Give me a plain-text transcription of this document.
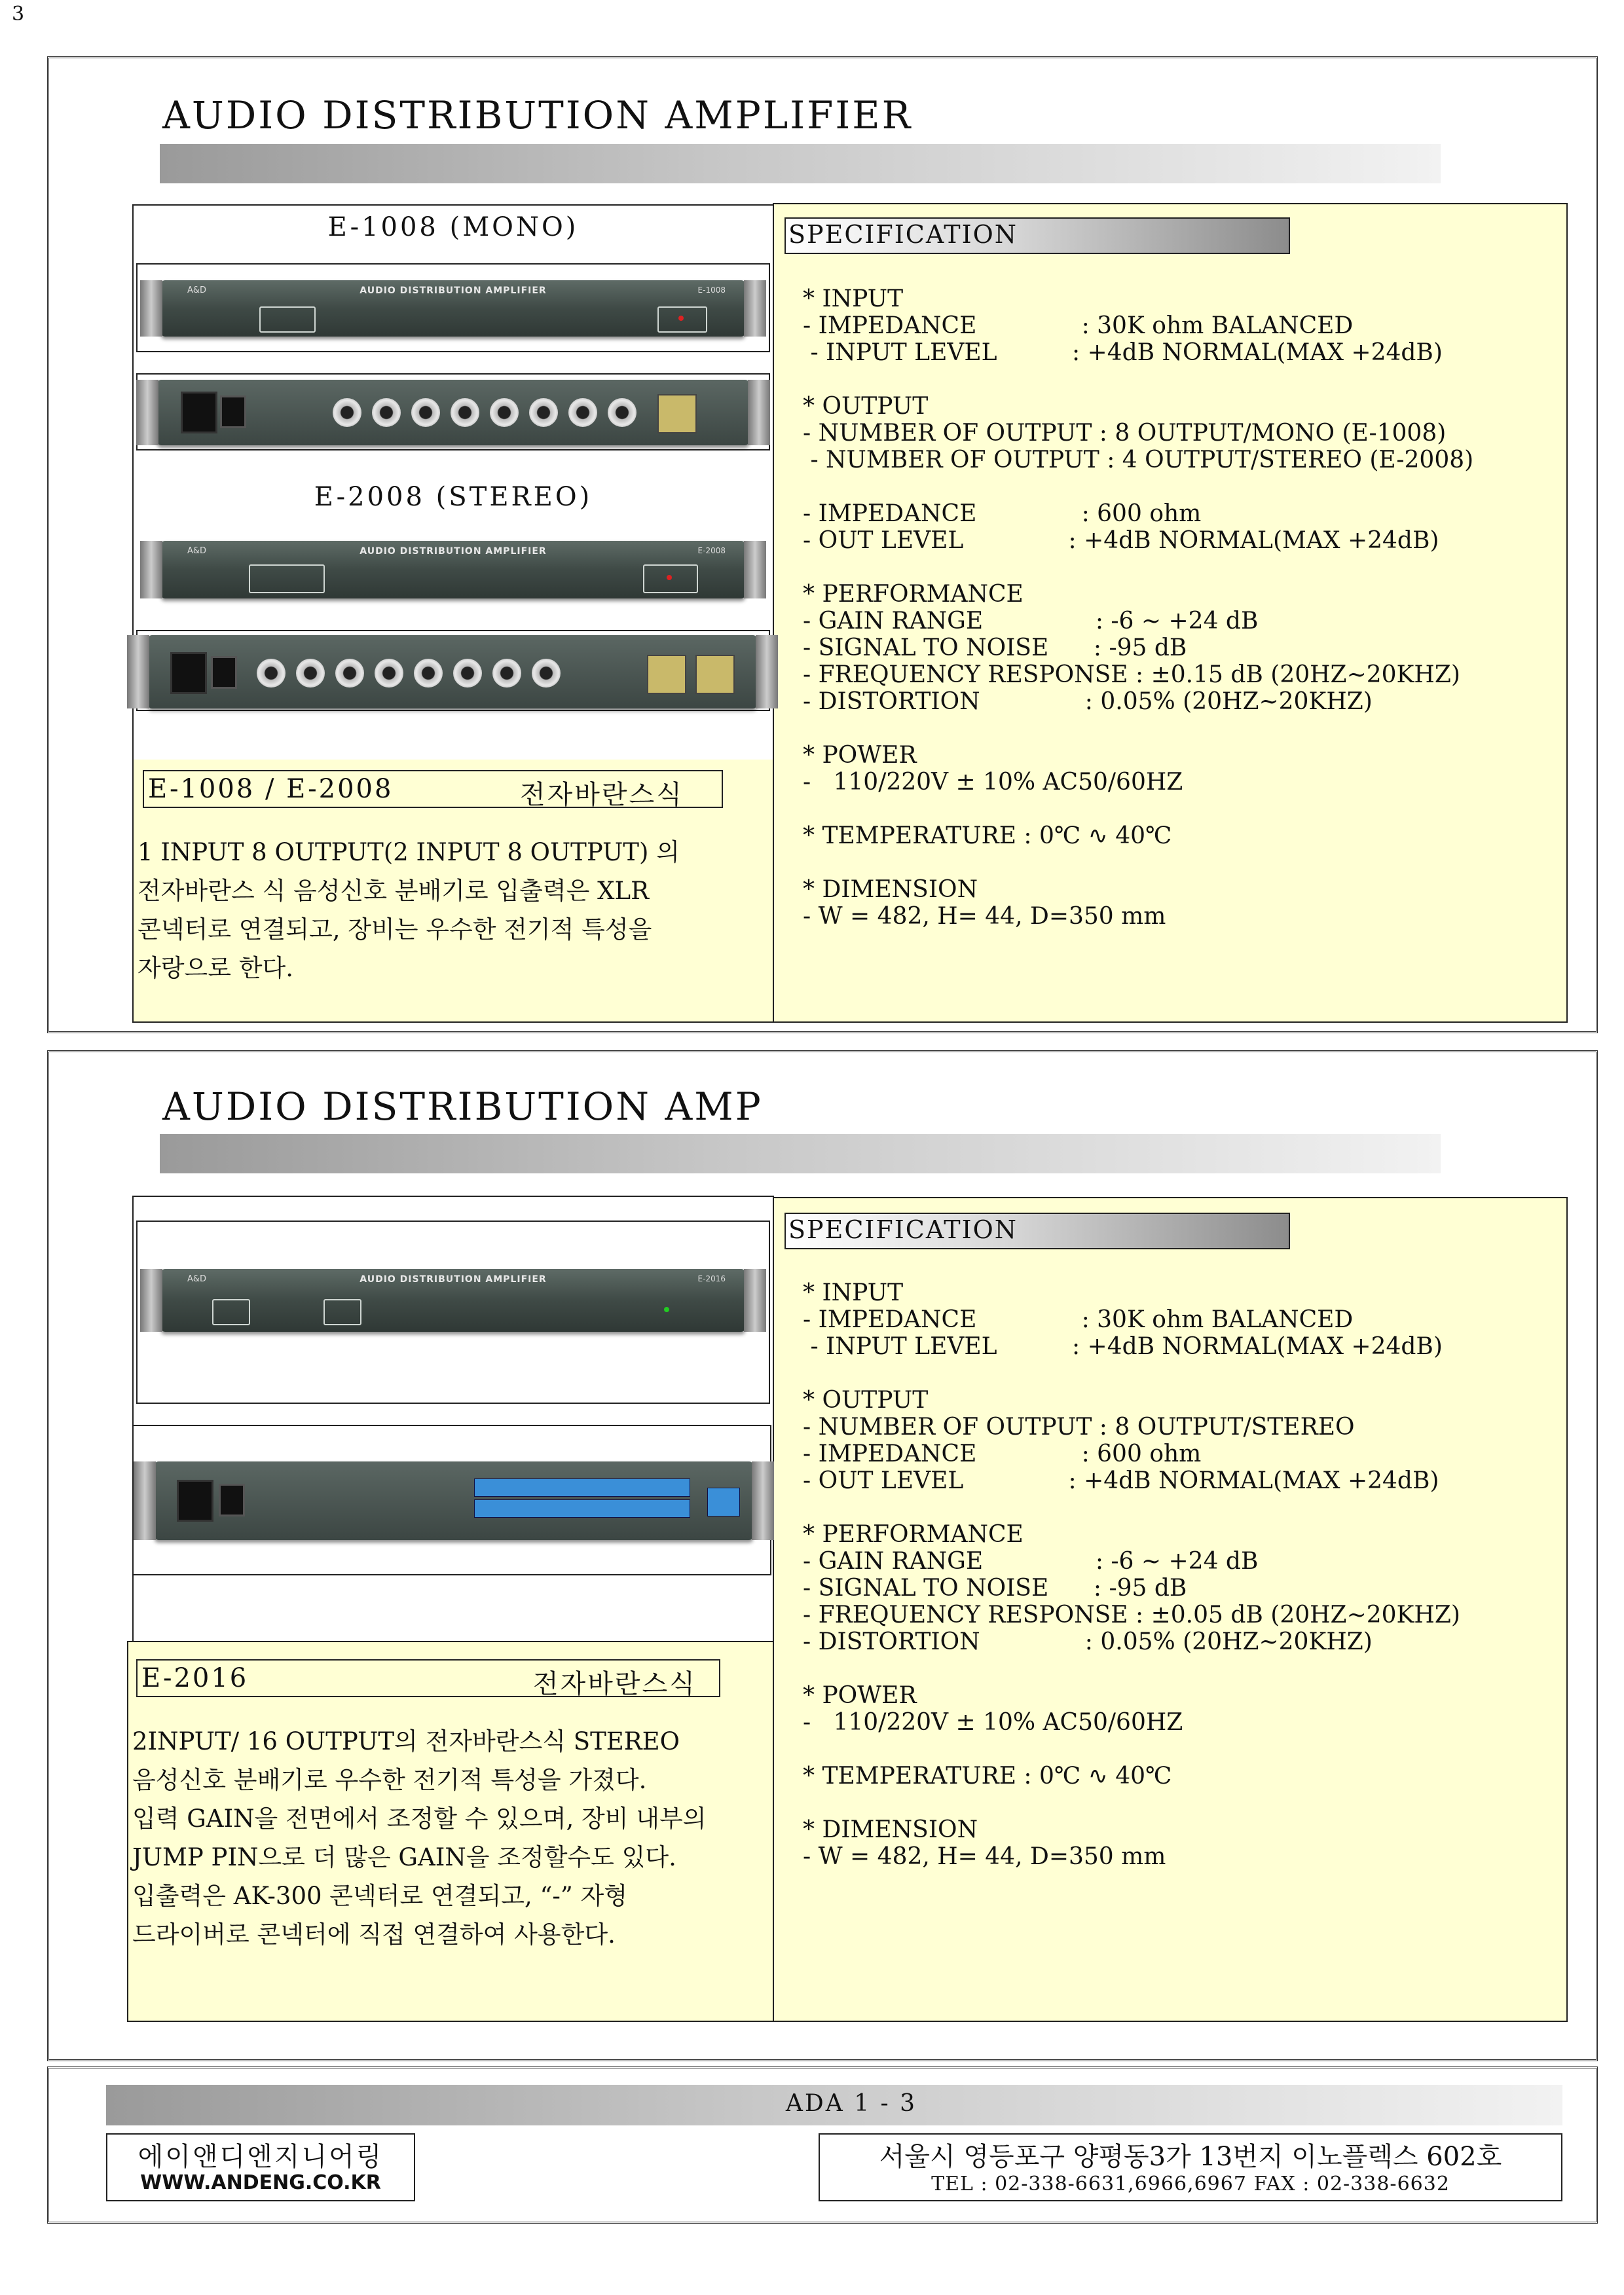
3
AUDIO DISTRIBUTION AMPLIFIER
E-1008 (MONO)
A&D	AUDIO DISTRIBUTION AMPLIFIER	E-1008
E-2008 (STEREO)
A&D	AUDIO DISTRIBUTION AMPLIFIER	E-2008
E-1008 / E-2008	전자바란스식
1 INPUT 8 OUTPUT(2 INPUT 8 OUTPUT) 의
전자바란스 식 음성신호 분배기로 입출력은 XLR
콘넥터로 연결되고, 장비는 우수한 전기적 특성을
자랑으로 한다.
SPECIFICATION
* INPUT
- IMPEDANCE              : 30K ohm BALANCED
- INPUT LEVEL          : +4dB NORMAL(MAX +24dB)

* OUTPUT
- NUMBER OF OUTPUT : 8 OUTPUT/MONO (E-1008)
- NUMBER OF OUTPUT : 4 OUTPUT/STEREO (E-2008)

- IMPEDANCE              : 600 ohm
- OUT LEVEL              : +4dB NORMAL(MAX +24dB)

* PERFORMANCE
- GAIN RANGE               : -6 ~ +24 dB
- SIGNAL TO NOISE      : -95 dB
- FREQUENCY RESPONSE : ±0.15 dB (20HZ~20KHZ)
- DISTORTION              : 0.05% (20HZ~20KHZ)

* POWER
-   110/220V ± 10% AC50/60HZ

* TEMPERATURE : 0℃ ∿ 40℃

* DIMENSION
- W = 482, H= 44, D=350 mm
AUDIO DISTRIBUTION AMP
A&D	AUDIO DISTRIBUTION AMPLIFIER	E-2016
E-2016	전자바란스식
2INPUT/ 16 OUTPUT의 전자바란스식 STEREO
음성신호 분배기로 우수한 전기적 특성을 가졌다.
입력 GAIN을 전면에서 조정할 수 있으며, 장비 내부의
JUMP PIN으로 더 많은 GAIN을 조정할수도 있다.
입출력은 AK-300 콘넥터로 연결되고, “-” 자형
드라이버로 콘넥터에 직접 연결하여 사용한다.
SPECIFICATION
* INPUT
- IMPEDANCE              : 30K ohm BALANCED
- INPUT LEVEL          : +4dB NORMAL(MAX +24dB)

* OUTPUT
- NUMBER OF OUTPUT : 8 OUTPUT/STEREO
- IMPEDANCE              : 600 ohm
- OUT LEVEL              : +4dB NORMAL(MAX +24dB)

* PERFORMANCE
- GAIN RANGE               : -6 ~ +24 dB
- SIGNAL TO NOISE      : -95 dB
- FREQUENCY RESPONSE : ±0.05 dB (20HZ~20KHZ)
- DISTORTION              : 0.05% (20HZ~20KHZ)

* POWER
-   110/220V ± 10% AC50/60HZ

* TEMPERATURE : 0℃ ∿ 40℃

* DIMENSION
- W = 482, H= 44, D=350 mm
ADA 1 - 3
에이앤디엔지니어링
WWW.ANDENG.CO.KR
서울시 영등포구 양평동3가 13번지 이노플렉스 602호
TEL : 02-338-6631,6966,6967 FAX : 02-338-6632
